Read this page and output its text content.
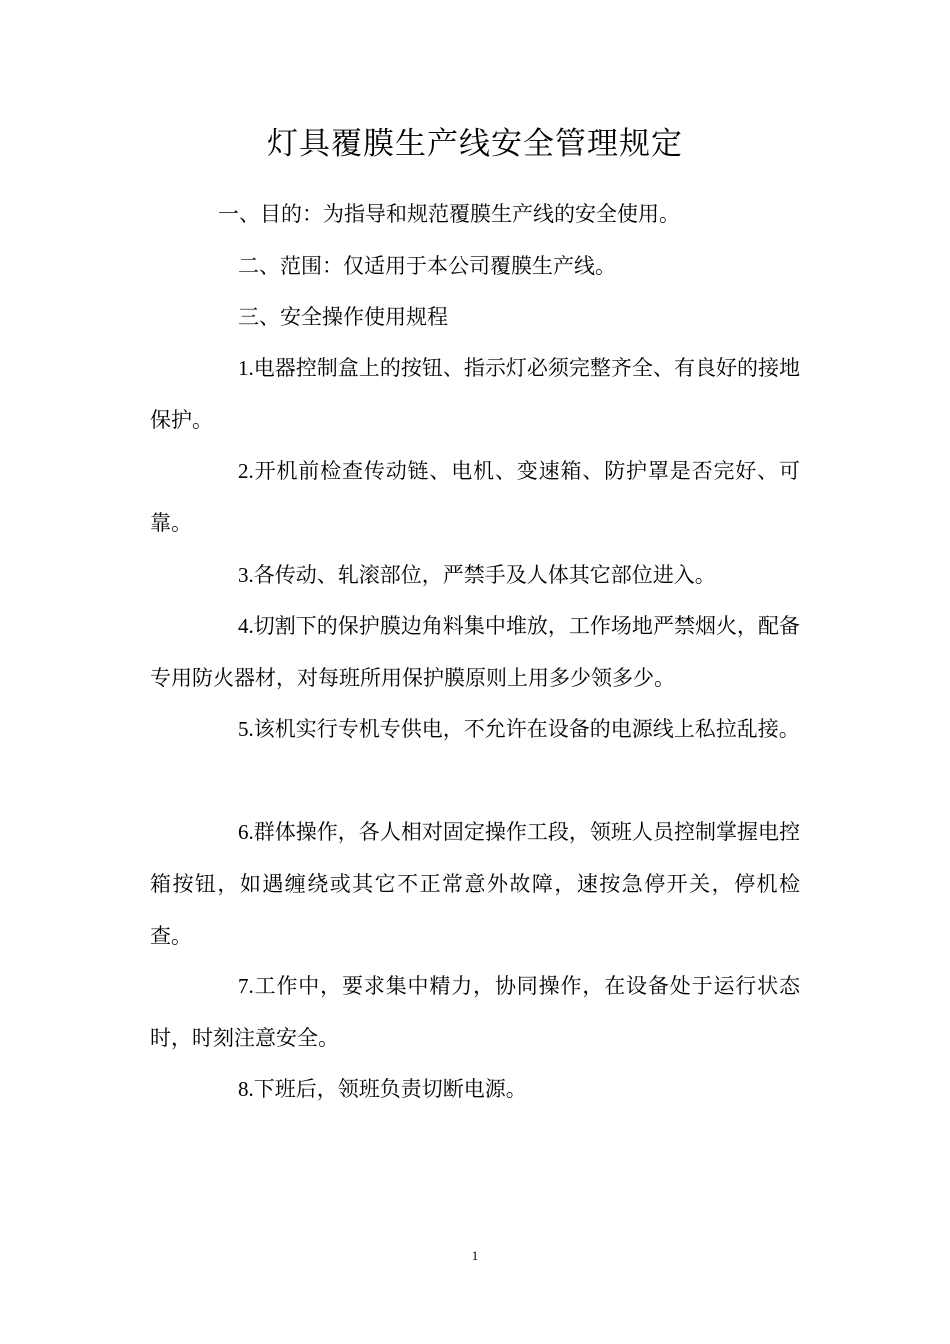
灯具覆膜生产线安全管理规定

一、目的：为指导和规范覆膜生产线的安全使用。

二、范围：仅适用于本公司覆膜生产线。

三、安全操作使用规程

1.电器控制盒上的按钮、指示灯必须完整齐全、有良好的接地保护。

2.开机前检查传动链、电机、变速箱、防护罩是否完好、可靠。

3.各传动、轧滚部位，严禁手及人体其它部位进入。

4.切割下的保护膜边角料集中堆放，工作场地严禁烟火，配备专用防火器材，对每班所用保护膜原则上用多少领多少。

5.该机实行专机专供电，不允许在设备的电源线上私拉乱接。

6.群体操作，各人相对固定操作工段，领班人员控制掌握电控箱按钮，如遇缠绕或其它不正常意外故障，速按急停开关，停机检查。

7.工作中，要求集中精力，协同操作，在设备处于运行状态时，时刻注意安全。

8.下班后，领班负责切断电源。

1
